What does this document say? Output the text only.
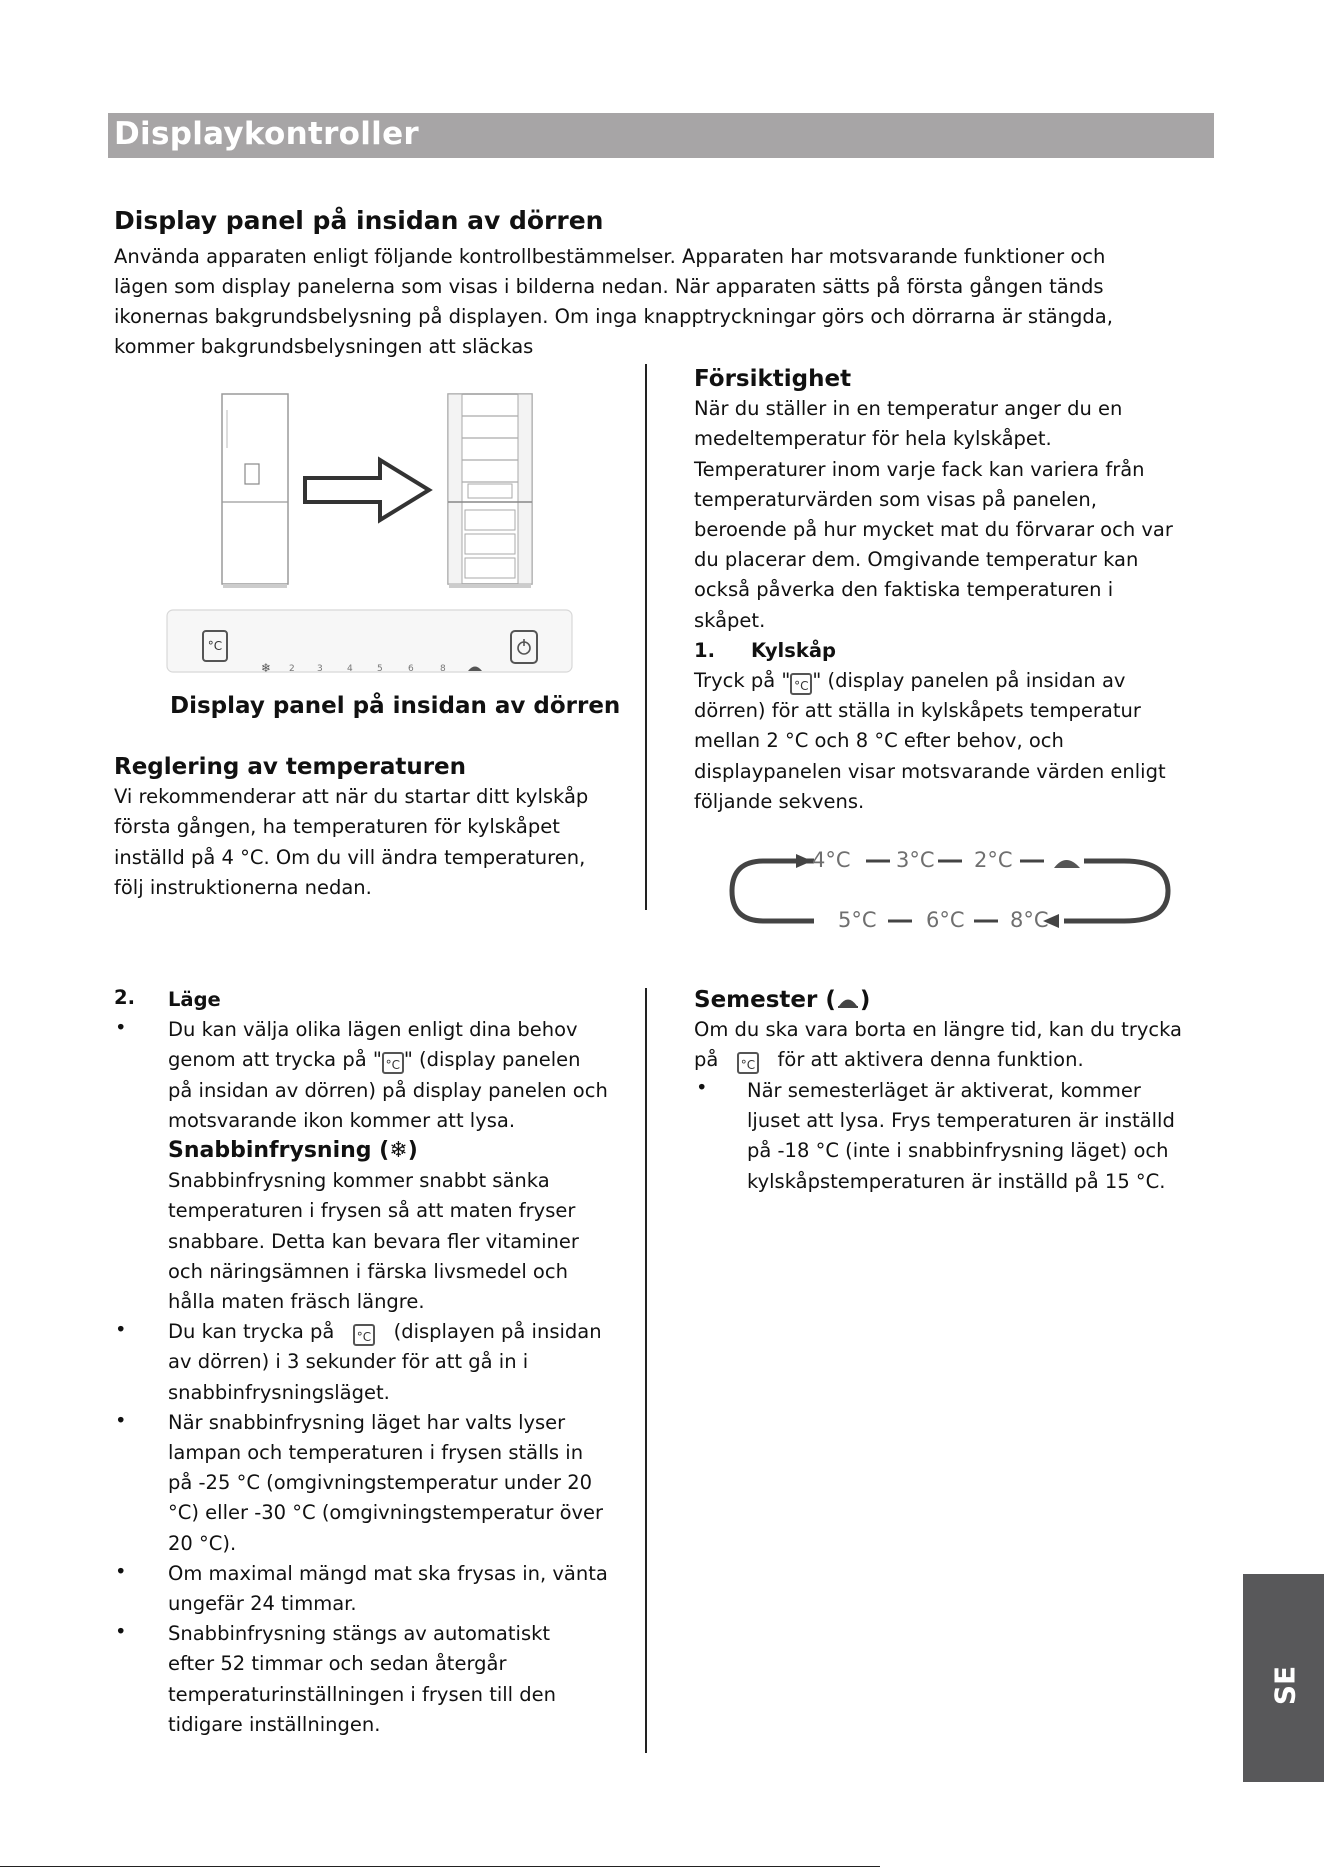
Displaykontroller
Display panel på insidan av dörren
Använda apparaten enligt följande kontrollbestämmelser. Apparaten har motsvarande funktioner och
lägen som display panelerna som visas i bilderna nedan. När apparaten sätts på första gången tänds
ikonernas bakgrundsbelysning på displayen. Om inga knapptryckningar görs och dörrarna är stängda,
kommer bakgrundsbelysningen att släckas
°C
❄ 2 3	4	5	6	8
Display panel på insidan av dörren
Reglering av temperaturen
Vi rekommenderar att när du startar ditt kylskåp
första gången, ha temperaturen för kylskåpet
inställd på 4 °C. Om du vill ändra temperaturen,
följ instruktionerna nedan.
Försiktighet
När du ställer in en temperatur anger du en
medeltemperatur för hela kylskåpet.
Temperaturer inom varje fack kan variera från
temperaturvärden som visas på panelen,
beroende på hur mycket mat du förvarar och var
du placerar dem. Omgivande temperatur kan
också påverka den faktiska temperaturen i
skåpet.
1. Kylskåp
Tryck på " °C " (display panelen på insidan av
dörren) för att ställa in kylskåpets temperatur
mellan 2 °C och 8 °C efter behov, och
displaypanelen visar motsvarande värden enligt
följande sekvens.
4°C 3°C 2°C
5°C 6°C 8°C
2. Läge
Du kan välja olika lägen enligt dina behov
genom att trycka på " °C " (display panelen
på insidan av dörren) på display panelen och
motsvarande ikon kommer att lysa.
Snabbinfrysning (❄)
Snabbinfrysning kommer snabbt sänka
temperaturen i frysen så att maten fryser
snabbare. Detta kan bevara fler vitaminer
och näringsämnen i färska livsmedel och
hålla maten fräsch längre.
Du kan trycka på °C (displayen på insidan
av dörren) i 3 sekunder för att gå in i
snabbinfrysningsläget.
När snabbinfrysning läget har valts lyser
lampan och temperaturen i frysen ställs in
på -25 °C (omgivningstemperatur under 20
°C) eller -30 °C (omgivningstemperatur över
20 °C).
Om maximal mängd mat ska frysas in, vänta
ungefär 24 timmar.
Snabbinfrysning stängs av automatiskt
efter 52 timmar och sedan återgår
temperaturinställningen i frysen till den
tidigare inställningen.
•
•
•
•
•
Semester ( )
Om du ska vara borta en längre tid, kan du trycka
på °C för att aktivera denna funktion.
• När semesterläget är aktiverat, kommer
ljuset att lysa. Frys temperaturen är inställd
på -18 °C (inte i snabbinfrysning läget) och
kylskåpstemperaturen är inställd på 15 °C.
SE
